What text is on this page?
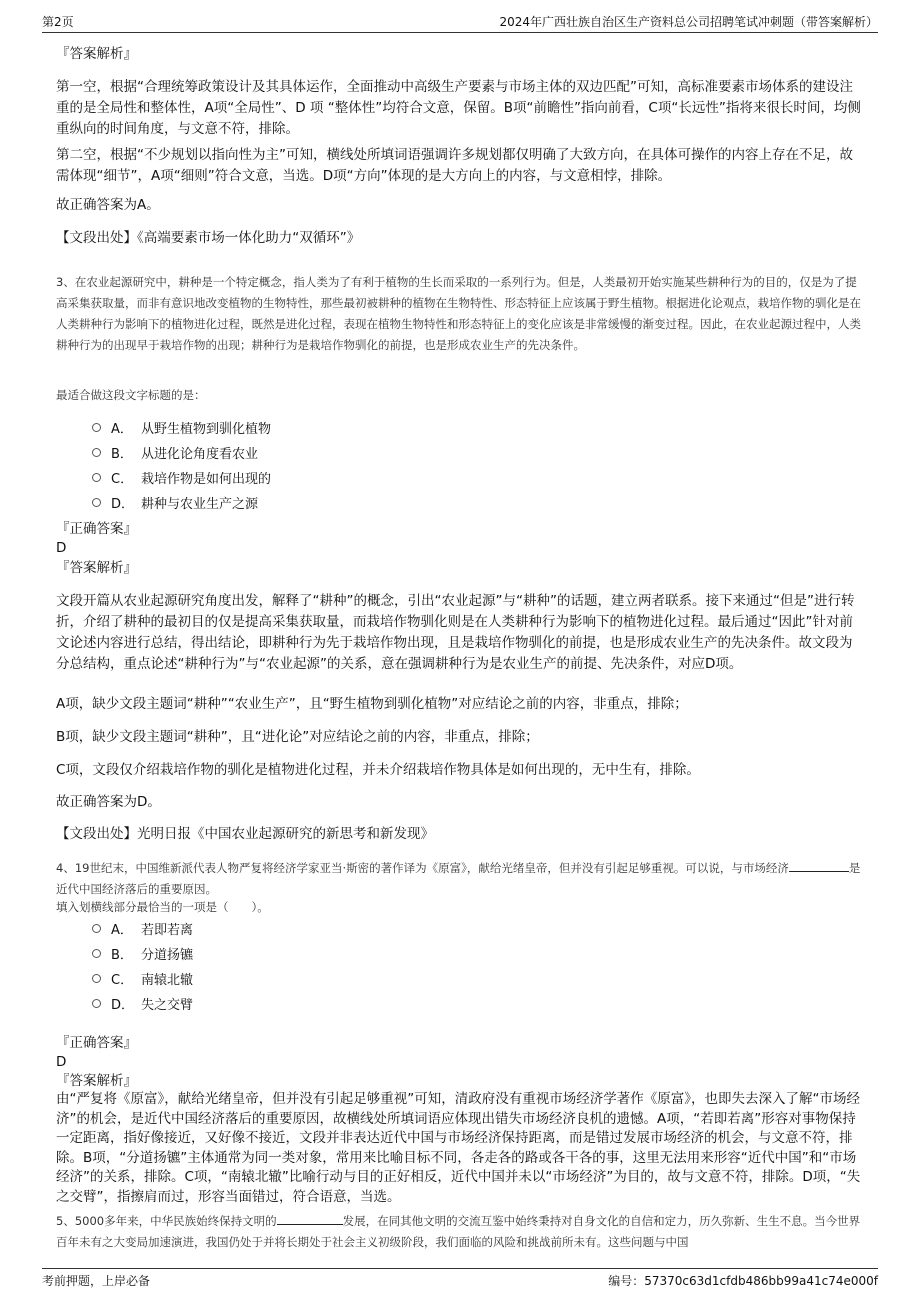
第2页	2024年广西壮族自治区生产资料总公司招聘笔试冲刺题（带答案解析）

『答案解析』

第一空，根据“合理统筹政策设计及其具体运作，全面推动中高级生产要素与市场主体的双边匹配”可知，高标准要素市场体系的建设注重的是全局性和整体性，A项“全局性”、D 项 “整体性”均符合文意，保留。B项“前瞻性”指向前看，C项“长远性”指将来很长时间，均侧重纵向的时间角度，与文意不符，排除。

第二空，根据“不少规划以指向性为主”可知，横线处所填词语强调许多规划都仅明确了大致方向，在具体可操作的内容上存在不足，故需体现“细节”，A项“细则”符合文意，当选。D项“方向”体现的是大方向上的内容，与文意相悖，排除。

故正确答案为A。

【文段出处】《高端要素市场一体化助力“双循环”》

3、在农业起源研究中，耕种是一个特定概念，指人类为了有利于植物的生长而采取的一系列行为。但是，人类最初开始实施某些耕种行为的目的，仅是为了提高采集获取量，而非有意识地改变植物的生物特性，那些最初被耕种的植物在生物特性、形态特征上应该属于野生植物。根据进化论观点，栽培作物的驯化是在人类耕种行为影响下的植物进化过程，既然是进化过程，表现在植物生物特性和形态特征上的变化应该是非常缓慢的渐变过程。因此，在农业起源过程中，人类耕种行为的出现早于栽培作物的出现；耕种行为是栽培作物驯化的前提，也是形成农业生产的先决条件。

最适合做这段文字标题的是：

A． 从野生植物到驯化植物
B． 从进化论角度看农业
C． 栽培作物是如何出现的
D． 耕种与农业生产之源

『正确答案』

D

『答案解析』

文段开篇从农业起源研究角度出发，解释了“耕种”的概念，引出“农业起源”与“耕种”的话题，建立两者联系。接下来通过“但是”进行转折，介绍了耕种的最初目的仅是提高采集获取量，而栽培作物驯化则是在人类耕种行为影响下的植物进化过程。最后通过“因此”针对前文论述内容进行总结，得出结论，即耕种行为先于栽培作物出现，且是栽培作物驯化的前提，也是形成农业生产的先决条件。故文段为分总结构，重点论述“耕种行为”与“农业起源”的关系，意在强调耕种行为是农业生产的前提、先决条件，对应D项。

A项，缺少文段主题词“耕种”“农业生产”，且“野生植物到驯化植物”对应结论之前的内容，非重点，排除；

B项，缺少文段主题词“耕种”，且“进化论”对应结论之前的内容，非重点，排除；

C项，文段仅介绍栽培作物的驯化是植物进化过程，并未介绍栽培作物具体是如何出现的，无中生有，排除。

故正确答案为D。

【文段出处】光明日报《中国农业起源研究的新思考和新发现》

4、19世纪末，中国维新派代表人物严复将经济学家亚当·斯密的著作译为《原富》，献给光绪皇帝，但并没有引起足够重视。可以说，与市场经济	是近代中国经济落后的重要原因。

填入划横线部分最恰当的一项是（　　）。

A． 若即若离
B． 分道扬镳
C． 南辕北辙
D． 失之交臂

『正确答案』

D

『答案解析』

由“严复将《原富》，献给光绪皇帝，但并没有引起足够重视”可知，清政府没有重视市场经济学著作《原富》，也即失去深入了解“市场经济”的机会，是近代中国经济落后的重要原因，故横线处所填词语应体现出错失市场经济良机的遗憾。A项，“若即若离”形容对事物保持一定距离，指好像接近，又好像不接近，文段并非表达近代中国与市场经济保持距离，而是错过发展市场经济的机会，与文意不符，排除。B项，“分道扬镳”主体通常为同一类对象，常用来比喻目标不同，各走各的路或各干各的事，这里无法用来形容“近代中国”和“市场经济”的关系，排除。C项，“南辕北辙”比喻行动与目的正好相反，近代中国并未以“市场经济”为目的，故与文意不符，排除。D项，“失之交臂”，指擦肩而过，形容当面错过，符合语意，当选。

5、5000多年来，中华民族始终保持文明的	发展，在同其他文明的交流互鉴中始终秉持对自身文化的自信和定力，历久弥新、生生不息。当今世界百年未有之大变局加速演进，我国仍处于并将长期处于社会主义初级阶段，我们面临的风险和挑战前所未有。这些问题与中国

考前押题，上岸必备	编号：57370c63d1cfdb486bb99a41c74e000f
